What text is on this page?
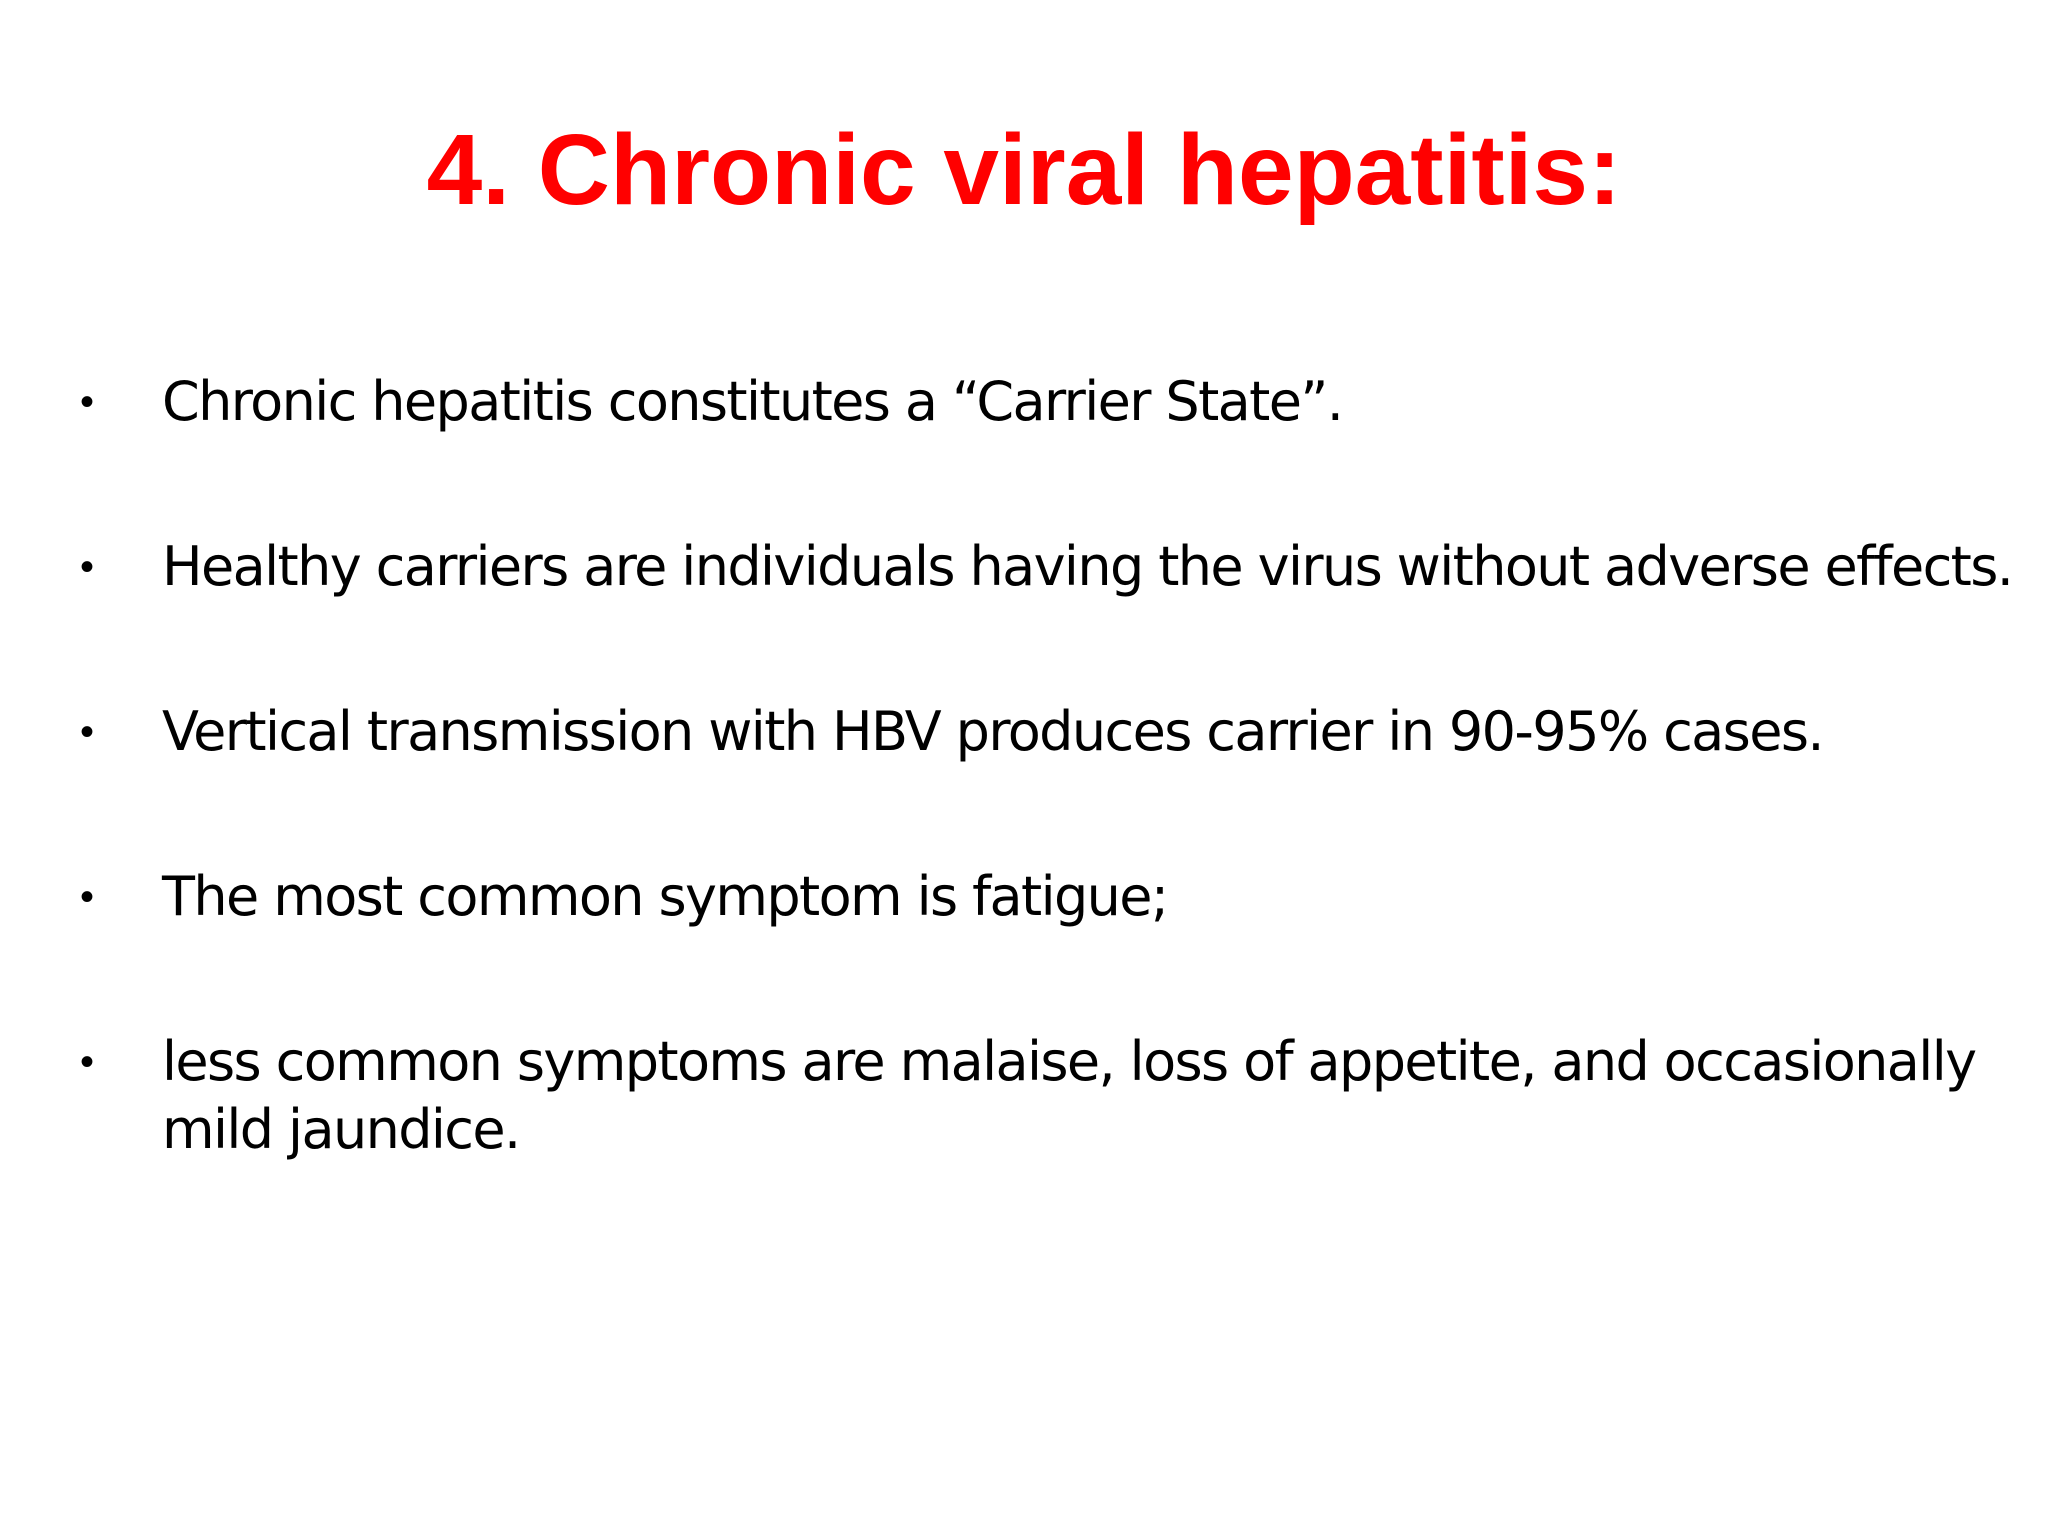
4. Chronic viral hepatitis:
• Chronic hepatitis constitutes a “Carrier State”.
• Healthy carriers are individuals having the virus without adverse effects.
• Vertical transmission with HBV produces carrier in 90-95% cases.
• The most common symptom is fatigue;
• less common symptoms are malaise, loss of appetite, and occasionally mild jaundice.
